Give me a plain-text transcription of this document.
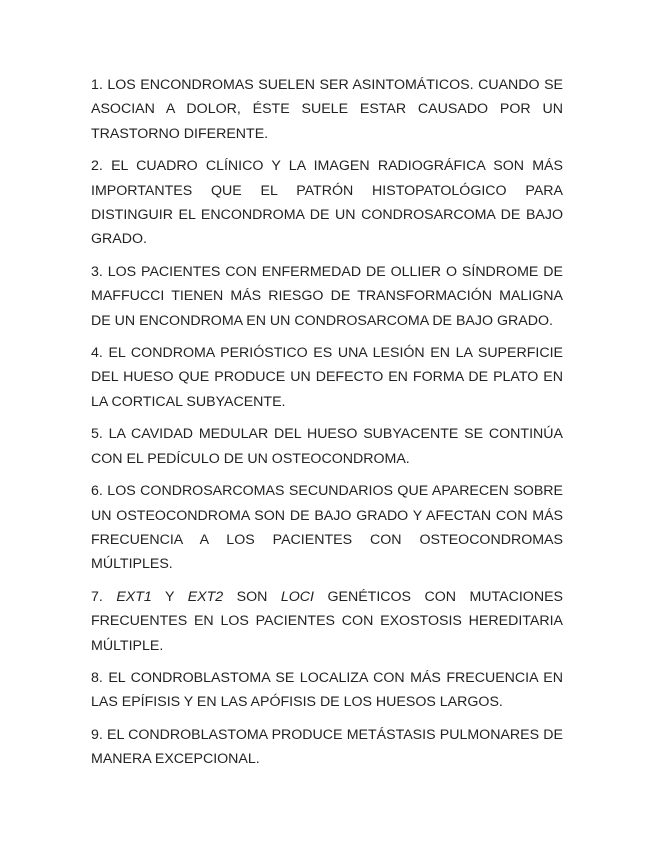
1. LOS ENCONDROMAS SUELEN SER ASINTOMÁTICOS. CUANDO SE ASOCIAN A DOLOR, ÉSTE SUELE ESTAR CAUSADO POR UN TRASTORNO DIFERENTE.

2. EL CUADRO CLÍNICO Y LA IMAGEN RADIOGRÁFICA SON MÁS IMPORTANTES QUE EL PATRÓN HISTOPATOLÓGICO PARA DISTINGUIR EL ENCONDROMA DE UN CONDROSARCOMA DE BAJO GRADO.

3. LOS PACIENTES CON ENFERMEDAD DE OLLIER O SÍNDROME DE MAFFUCCI TIENEN MÁS RIESGO DE TRANSFORMACIÓN MALIGNA DE UN ENCONDROMA EN UN CONDROSARCOMA DE BAJO GRADO.

4. EL CONDROMA PERIÓSTICO ES UNA LESIÓN EN LA SUPERFICIE DEL HUESO QUE PRODUCE UN DEFECTO EN FORMA DE PLATO EN LA CORTICAL SUBYACENTE.

5. LA CAVIDAD MEDULAR DEL HUESO SUBYACENTE SE CONTINÚA CON EL PEDÍCULO DE UN OSTEOCONDROMA.

6. LOS CONDROSARCOMAS SECUNDARIOS QUE APARECEN SOBRE UN OSTEOCONDROMA SON DE BAJO GRADO Y AFECTAN CON MÁS FRECUENCIA A LOS PACIENTES CON OSTEOCONDROMAS MÚLTIPLES.

7. EXT1 Y EXT2 SON LOCI GENÉTICOS CON MUTACIONES FRECUENTES EN LOS PACIENTES CON EXOSTOSIS HEREDITARIA MÚLTIPLE.

8. EL CONDROBLASTOMA SE LOCALIZA CON MÁS FRECUENCIA EN LAS EPÍFISIS Y EN LAS APÓFISIS DE LOS HUESOS LARGOS.

9. EL CONDROBLASTOMA PRODUCE METÁSTASIS PULMONARES DE MANERA EXCEPCIONAL.
